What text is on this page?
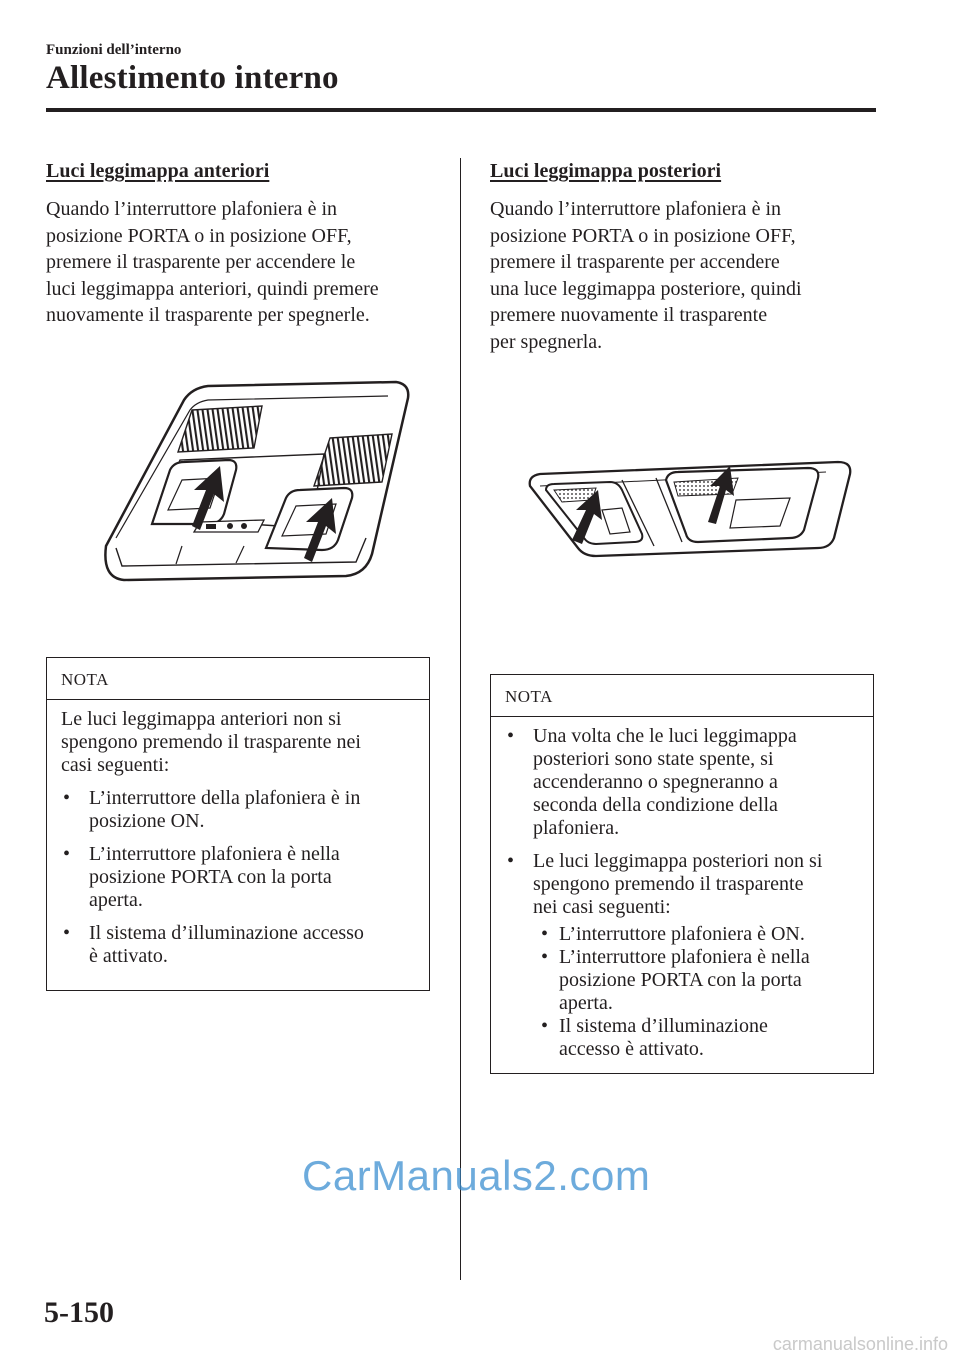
Funzioni dell’interno
Allestimento interno
Luci leggimappa anteriori
Quando l’interruttore plafoniera è in
posizione PORTA o in posizione OFF,
premere il trasparente per accendere le
luci leggimappa anteriori, quindi premere
nuovamente il trasparente per spegnerle.
NOTA

Le luci leggimappa anteriori non si
spengono premendo il trasparente nei
casi seguenti:

• L’interruttore della plafoniera è in
posizione ON.
• L’interruttore plafoniera è nella
posizione PORTA con la porta
aperta.
• Il sistema d’illuminazione accesso
è attivato.
Luci leggimappa posteriori
Quando l’interruttore plafoniera è in
posizione PORTA o in posizione OFF,
premere il trasparente per accendere
una luce leggimappa posteriore, quindi
premere nuovamente il trasparente
per spegnerla.
NOTA
• Una volta che le luci leggimappa
posteriori sono state spente, si
accenderanno o spegneranno a
seconda della condizione della
plafoniera.
• Le luci leggimappa posteriori non si
spengono premendo il trasparente
nei casi seguenti:
• L’interruttore plafoniera è ON.
• L’interruttore plafoniera è nella
posizione PORTA con la porta
aperta.
• Il sistema d’illuminazione
accesso è attivato.
CarManuals2.com
5-150
carmanualsonline.info
